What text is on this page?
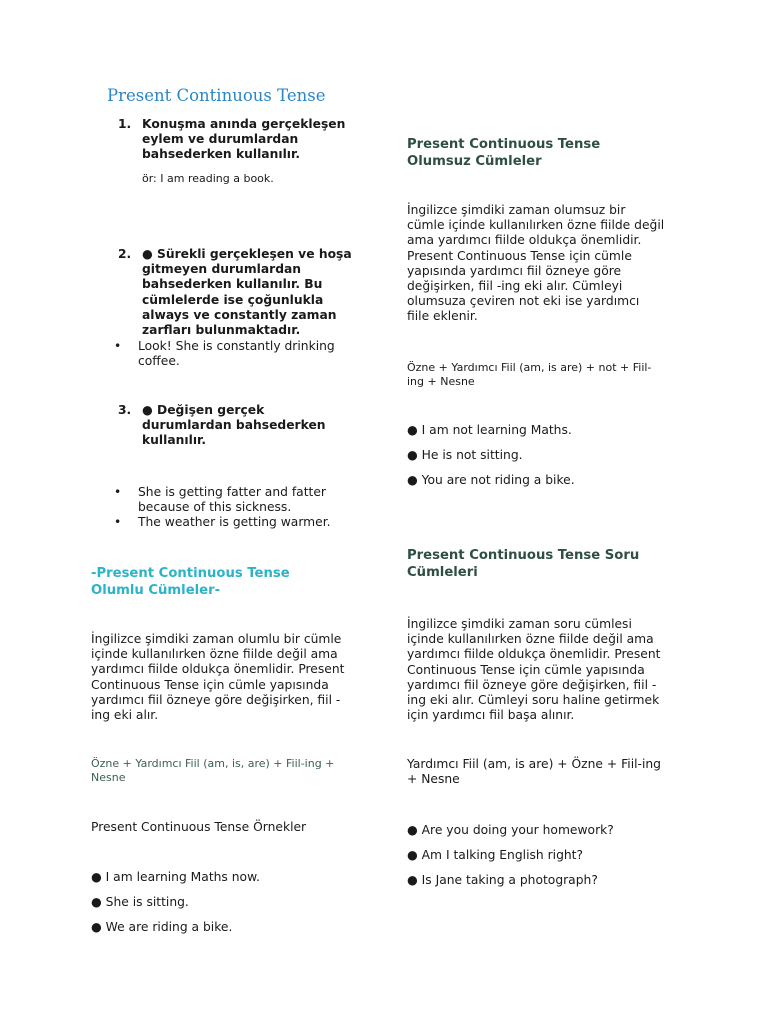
Present Continuous Tense
1. Konuşma anında gerçekleşen
eylem ve durumlardan
bahsederken kullanılır.
ör: I am reading a book.
2. ● Sürekli gerçekleşen ve hoşa
gitmeyen durumlardan
bahsederken kullanılır. Bu
cümlelerde ise çoğunlukla
always ve constantly zaman
zarfları bulunmaktadır.
• Look! She is constantly drinking
coffee.
3. ● Değişen gerçek
durumlardan bahsederken
kullanılır.
• She is getting fatter and fatter
because of this sickness.
• The weather is getting warmer.
-Present Continuous Tense
Olumlu Cümleler-
İngilizce şimdiki zaman olumlu bir cümle
içinde kullanılırken özne fiilde değil ama
yardımcı fiilde oldukça önemlidir. Present
Continuous Tense için cümle yapısında
yardımcı fiil özneye göre değişirken, fiil -
ing eki alır.
Özne + Yardımcı Fiil (am, is, are) + Fiil-ing +
Nesne
Present Continuous Tense Örnekler
● I am learning Maths now.
● She is sitting.
● We are riding a bike.
Present Continuous Tense
Olumsuz Cümleler
İngilizce şimdiki zaman olumsuz bir
cümle içinde kullanılırken özne fiilde değil
ama yardımcı fiilde oldukça önemlidir.
Present Continuous Tense için cümle
yapısında yardımcı fiil özneye göre
değişirken, fiil -ing eki alır. Cümleyi
olumsuza çeviren not eki ise yardımcı
fiile eklenir.
Özne + Yardımcı Fiil (am, is are) + not + Fiil-
ing + Nesne
● I am not learning Maths.
● He is not sitting.
● You are not riding a bike.
Present Continuous Tense Soru
Cümleleri
İngilizce şimdiki zaman soru cümlesi
içinde kullanılırken özne fiilde değil ama
yardımcı fiilde oldukça önemlidir. Present
Continuous Tense için cümle yapısında
yardımcı fiil özneye göre değişirken, fiil -
ing eki alır. Cümleyi soru haline getirmek
için yardımcı fiil başa alınır.
Yardımcı Fiil (am, is are) + Özne + Fiil-ing
+ Nesne
● Are you doing your homework?
● Am I talking English right?
● Is Jane taking a photograph?
